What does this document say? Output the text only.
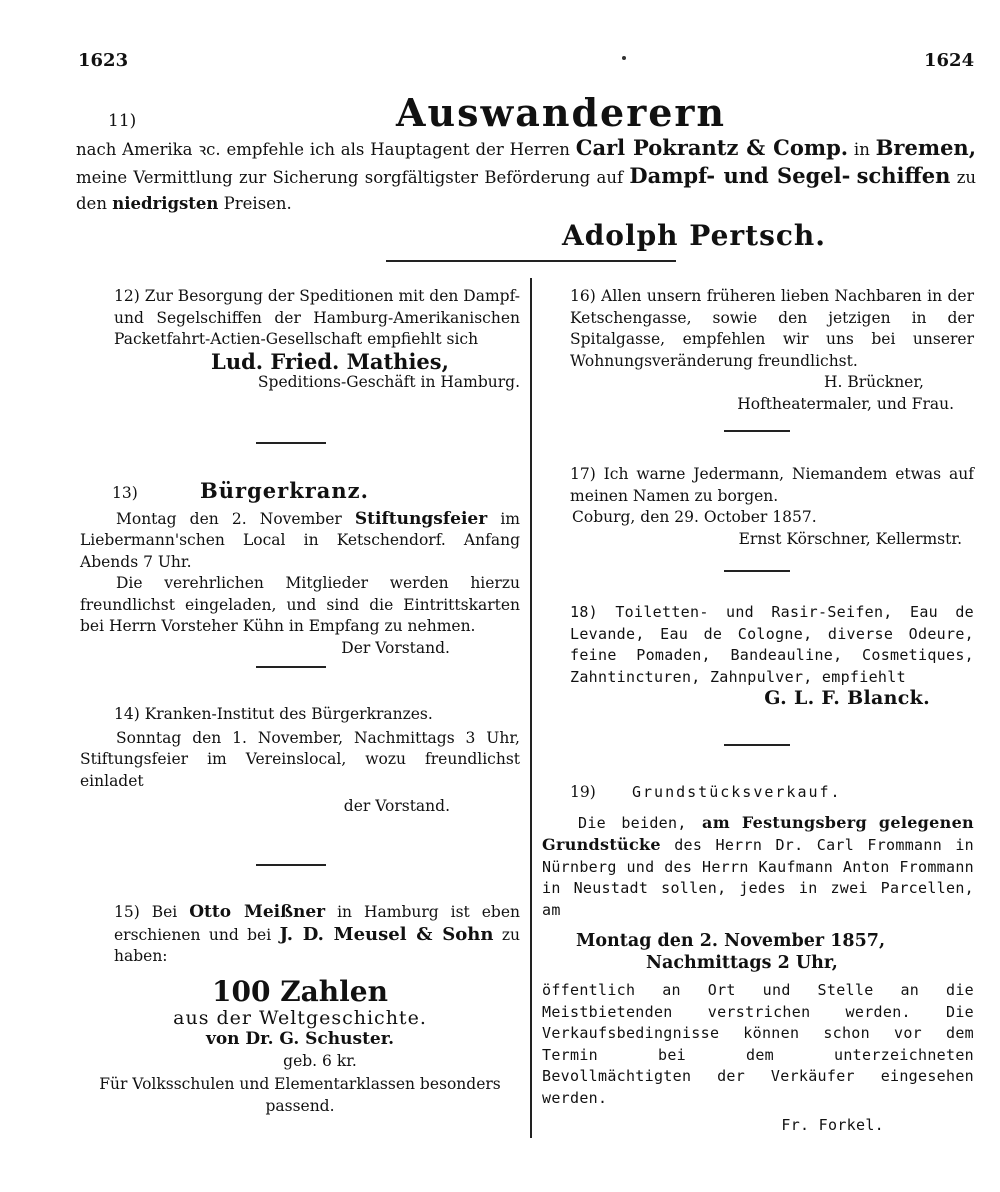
1623	1624
11)	Auswanderern

nach Amerika ꝛc. empfehle ich als Hauptagent der Herren Carl Pokrantz & Comp. in Bremen, meine Vermittlung zur Sicherung sorgfältigster Beförderung auf Dampf- und Segel- schiffen zu den niedrigsten Preisen.

Adolph Pertsch.
12) Zur Besorgung der Speditionen mit den Dampf- und Segelschiffen der Hamburg-Amerikanischen Packetfahrt-Actien-Gesellschaft empfiehlt sich
Lud. Fried. Mathies,
Speditions-Geschäft in Hamburg.
13)	Bürgerkranz.
Montag den 2. November Stiftungsfeier im Liebermann'schen Local in Ketschendorf. Anfang Abends 7 Uhr.
Die verehrlichen Mitglieder werden hierzu freundlichst eingeladen, und sind die Eintrittskarten bei Herrn Vorsteher Kühn in Empfang zu nehmen.
Der Vorstand.
14) Kranken-Institut des Bürgerkranzes.
Sonntag den 1. November, Nachmittags 3 Uhr, Stiftungsfeier im Vereinslocal, wozu freundlichst einladet
der Vorstand.
15) Bei Otto Meißner in Hamburg ist eben erschienen und bei J. D. Meusel & Sohn zu haben:
100 Zahlen
aus der Weltgeschichte.
von Dr. G. Schuster.
geb. 6 kr.
Für Volksschulen und Elementarklassen besonders passend.
16) Allen unsern früheren lieben Nachbaren in der Ketschengasse, sowie den jetzigen in der Spitalgasse, empfehlen wir uns bei unserer Wohnungsveränderung freundlichst.
H. Brückner,
Hoftheatermaler, und Frau.
17) Ich warne Jedermann, Niemandem etwas auf meinen Namen zu borgen.
Coburg, den 29. October 1857.
Ernst Körschner, Kellermstr.
18) Toiletten- und Rasir-Seifen, Eau de Levande, Eau de Cologne, diverse Odeure, feine Pomaden, Bandeauline, Cosmetiques, Zahntincturen, Zahnpulver, empfiehlt
G. L. F. Blanck.
19)	Grundstücksverkauf.
Die beiden, am Festungsberg gelegenen Grundstücke des Herrn Dr. Carl Frommann in Nürnberg und des Herrn Kaufmann Anton Frommann in Neustadt sollen, jedes in zwei Parcellen, am
Montag den 2. November 1857,
Nachmittags 2 Uhr,
öffentlich an Ort und Stelle an die Meistbietenden verstrichen werden. Die Verkaufsbedingnisse können schon vor dem Termin bei dem unterzeichneten Bevollmächtigten der Verkäufer eingesehen werden.
Fr. Forkel.
